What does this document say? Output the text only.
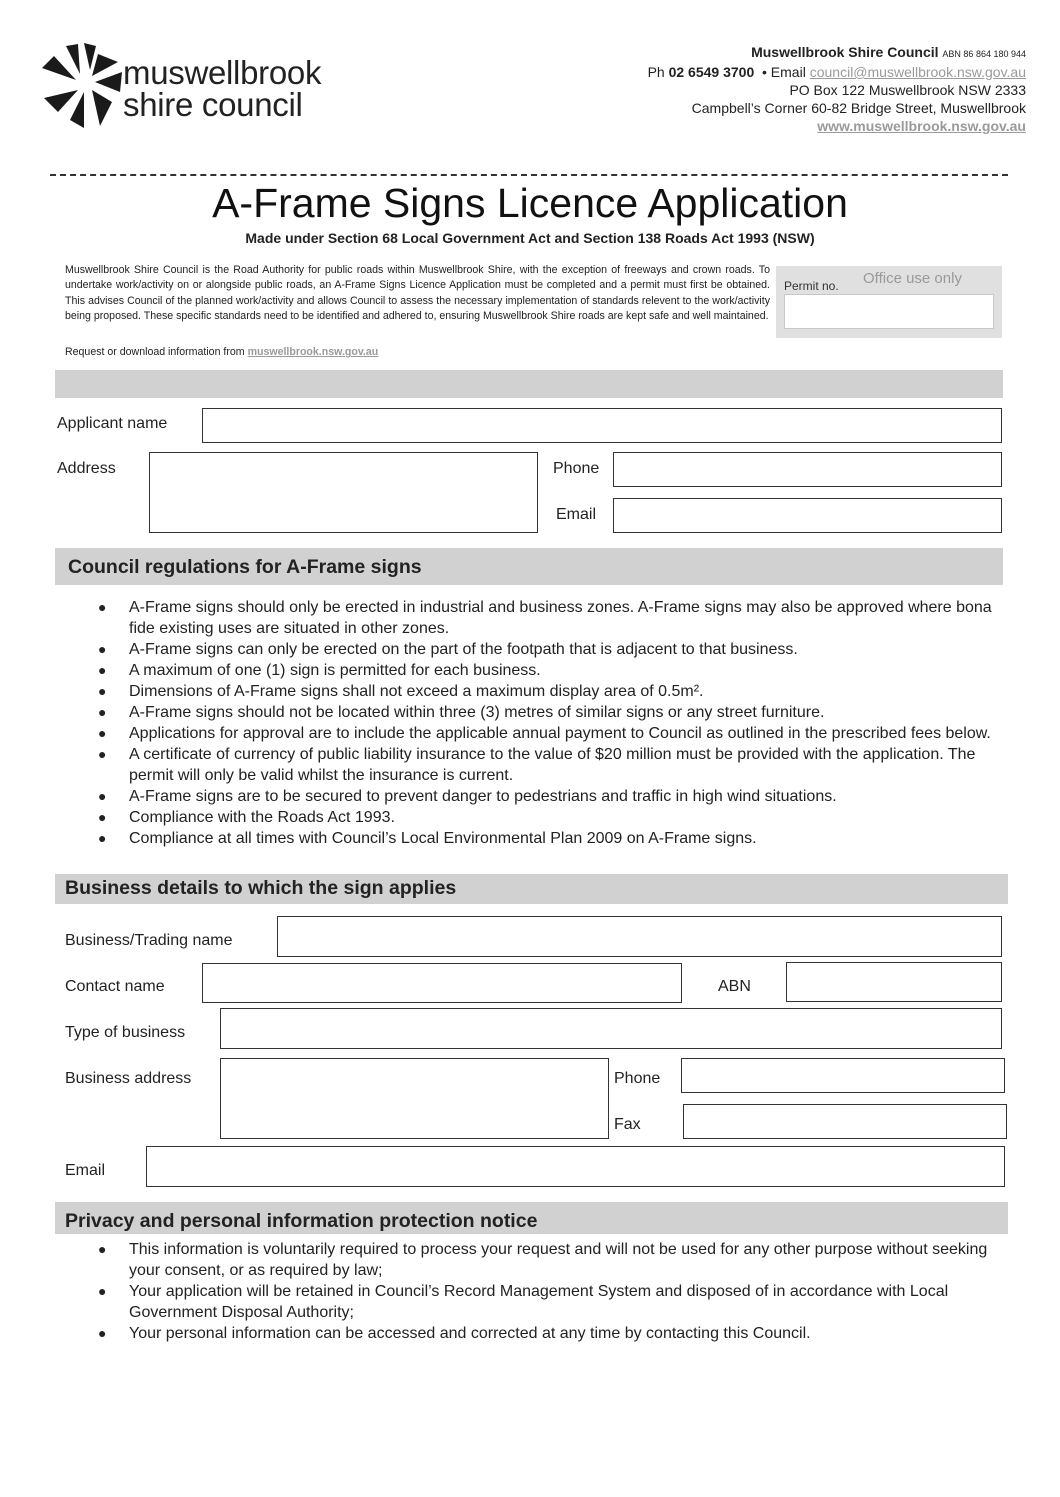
muswellbrook
shire council
Muswellbrook Shire Council ABN 86 864 180 944
Ph 02 6549 3700 • Email council@muswellbrook.nsw.gov.au
PO Box 122 Muswellbrook NSW 2333
Campbell’s Corner 60-82 Bridge Street, Muswellbrook
www.muswellbrook.nsw.gov.au
A-Frame Signs Licence Application
Made under Section 68 Local Government Act and Section 138 Roads Act 1993 (NSW)
Muswellbrook Shire Council is the Road Authority for public roads within Muswellbrook Shire, with the exception of freeways and crown roads. To undertake work/activity on or alongside public roads, an A-Frame Signs Licence Application must be completed and a permit must first be obtained. This advises Council of the planned work/activity and allows Council to assess the necessary implementation of standards relevent to the work/activity being proposed. These specific standards need to be identified and adhered to, ensuring Muswellbrook Shire roads are kept safe and well maintained.
Request or download information from muswellbrook.nsw.gov.au
Office use only
Permit no.
Applicant name
Address	Phone
Email
Council regulations for A-Frame signs
● A-Frame signs should only be erected in industrial and business zones. A-Frame signs may also be approved where bona fide existing uses are situated in other zones.
● A-Frame signs can only be erected on the part of the footpath that is adjacent to that business.
● A maximum of one (1) sign is permitted for each business.
● Dimensions of A-Frame signs shall not exceed a maximum display area of 0.5m².
● A-Frame signs should not be located within three (3) metres of similar signs or any street furniture.
● Applications for approval are to include the applicable annual payment to Council as outlined in the prescribed fees below.
● A certificate of currency of public liability insurance to the value of $20 million must be provided with the application. The permit will only be valid whilst the insurance is current.
● A-Frame signs are to be secured to prevent danger to pedestrians and traffic in high wind situations.
● Compliance with the Roads Act 1993.
● Compliance at all times with Council’s Local Environmental Plan 2009 on A-Frame signs.
Business details to which the sign applies
Business/Trading name
Contact name	ABN
Type of business
Business address	Phone
Fax
Email
Privacy and personal information protection notice
● This information is voluntarily required to process your request and will not be used for any other purpose without seeking your consent, or as required by law;
● Your application will be retained in Council’s Record Management System and disposed of in accordance with Local Government Disposal Authority;
● Your personal information can be accessed and corrected at any time by contacting this Council.
